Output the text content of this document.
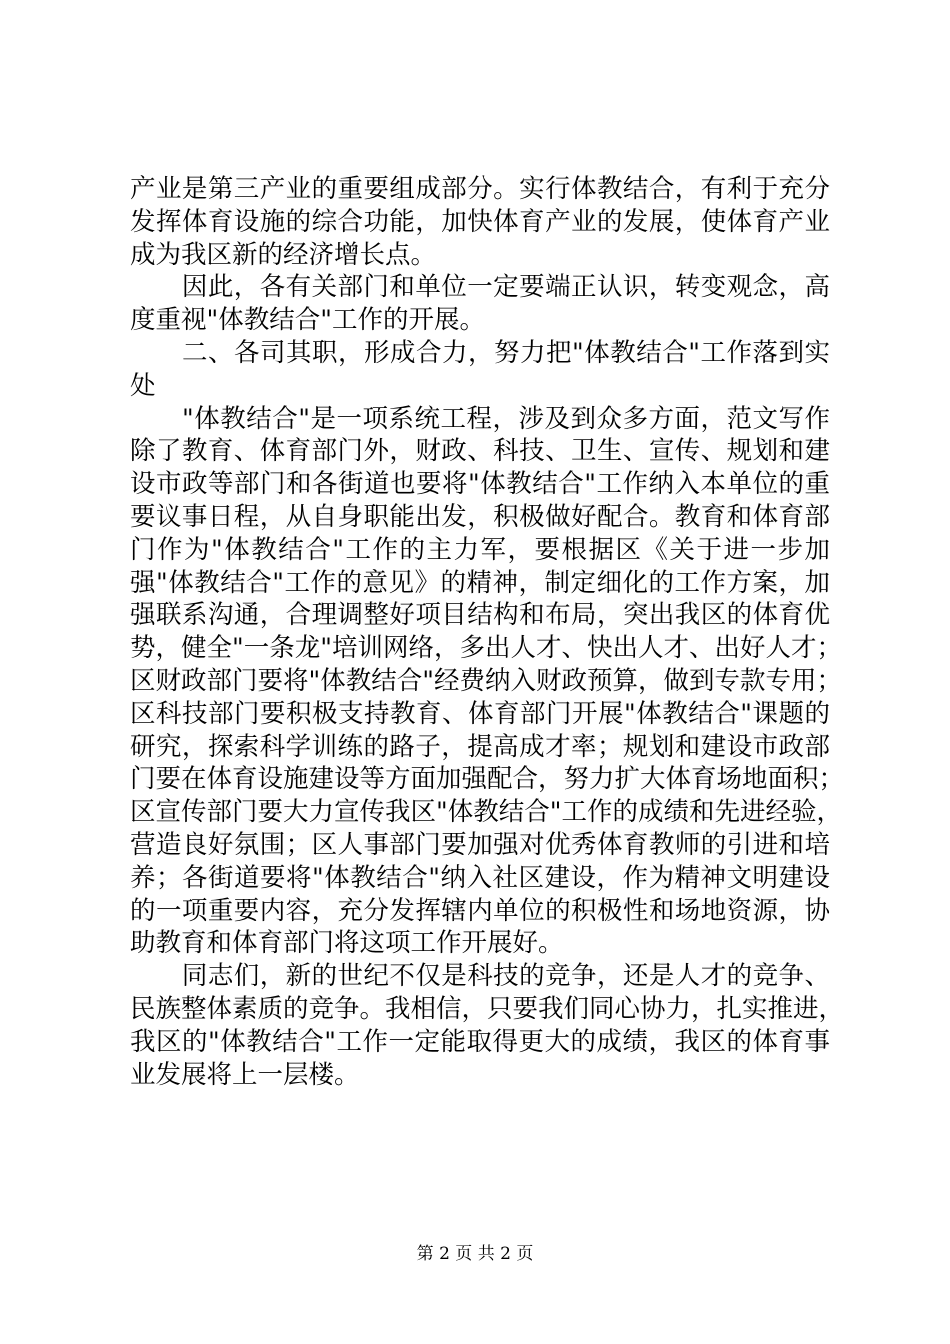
产业是第三产业的重要组成部分。实行体教结合，有利于充分
发挥体育设施的综合功能，加快体育产业的发展，使体育产业
成为我区新的经济增长点。
　　因此，各有关部门和单位一定要端正认识，转变观念，高
度重视"体教结合"工作的开展。
　　二、各司其职，形成合力，努力把"体教结合"工作落到实
处
　　"体教结合"是一项系统工程，涉及到众多方面，范文写作
除了教育、体育部门外，财政、科技、卫生、宣传、规划和建
设市政等部门和各街道也要将"体教结合"工作纳入本单位的重
要议事日程，从自身职能出发，积极做好配合。教育和体育部
门作为"体教结合"工作的主力军，要根据区《关于进一步加
强"体教结合"工作的意见》的精神，制定细化的工作方案，加
强联系沟通，合理调整好项目结构和布局，突出我区的体育优
势，健全"一条龙"培训网络，多出人才、快出人才、出好人才；
区财政部门要将"体教结合"经费纳入财政预算，做到专款专用；
区科技部门要积极支持教育、体育部门开展"体教结合"课题的
研究，探索科学训练的路子，提高成才率；规划和建设市政部
门要在体育设施建设等方面加强配合，努力扩大体育场地面积；
区宣传部门要大力宣传我区"体教结合"工作的成绩和先进经验，
营造良好氛围；区人事部门要加强对优秀体育教师的引进和培
养；各街道要将"体教结合"纳入社区建设，作为精神文明建设
的一项重要内容，充分发挥辖内单位的积极性和场地资源，协
助教育和体育部门将这项工作开展好。
　　同志们，新的世纪不仅是科技的竞争，还是人才的竞争、
民族整体素质的竞争。我相信，只要我们同心协力，扎实推进，
我区的"体教结合"工作一定能取得更大的成绩，我区的体育事
业发展将上一层楼。
第 2 页 共 2 页
